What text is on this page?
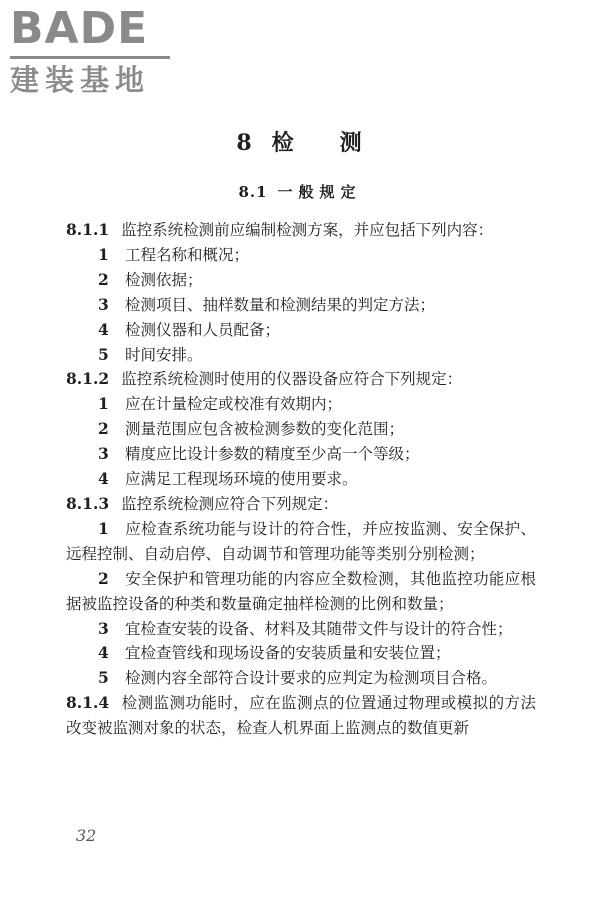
BADE
建装基地
8 检 测
8.1 一般规定

8.1.1 监控系统检测前应编制检测方案，并应包括下列内容：

1 工程名称和概况；

2 检测依据；

3 检测项目、抽样数量和检测结果的判定方法；

4 检测仪器和人员配备；

5 时间安排。

8.1.2 监控系统检测时使用的仪器设备应符合下列规定：

1 应在计量检定或校准有效期内；

2 测量范围应包含被检测参数的变化范围；

3 精度应比设计参数的精度至少高一个等级；

4 应满足工程现场环境的使用要求。

8.1.3 监控系统检测应符合下列规定：

1 应检查系统功能与设计的符合性，并应按监测、安全保护、远程控制、自动启停、自动调节和管理功能等类别分别检测；

2 安全保护和管理功能的内容应全数检测，其他监控功能应根据被监控设备的种类和数量确定抽样检测的比例和数量；

3 宜检查安装的设备、材料及其随带文件与设计的符合性；

4 宜检查管线和现场设备的安装质量和安装位置；

5 检测内容全部符合设计要求的应判定为检测项目合格。

8.1.4 检测监测功能时，应在监测点的位置通过物理或模拟的方法改变被监测对象的状态，检查人机界面上监测点的数值更新

32
